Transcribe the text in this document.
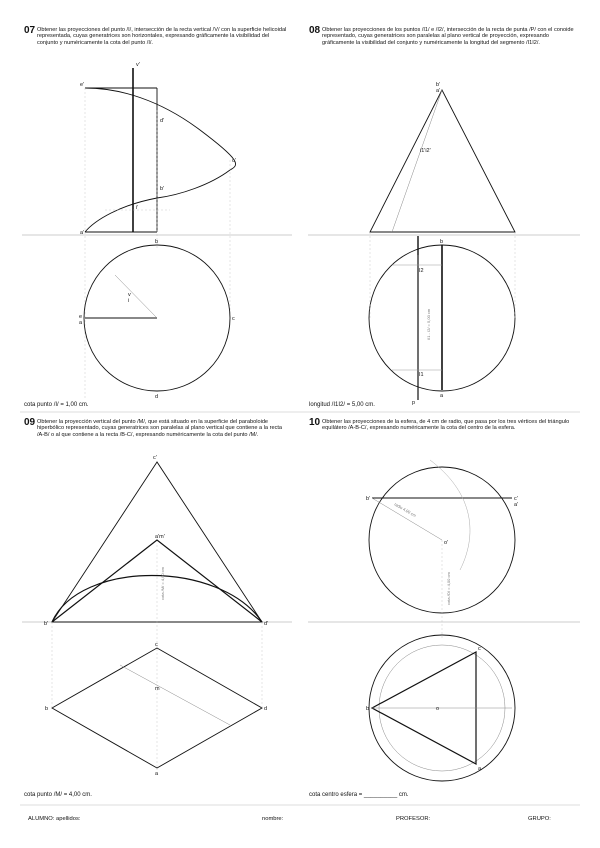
07 Obtener las proyecciones del punto /I/, intersección de la recta vertical /V/ con la superficie helicoidal representada, cuyas generatrices son horizontales, expresando gráficamente la visibilidad del conjunto y numéricamente la cota del punto /I/.
08 Obtener las proyecciones de los puntos /I1/ e /I2/, intersección de la recta de punta /P/ con el conoide representado, cuyas generatrices son paralelas al plano vertical de proyección, expresando gráficamente la visibilidad del conjunto y numéricamente la longitud del segmento /I1I2/.
09 Obtener la proyección vertical del punto /M/, que está situado en la superficie del paraboloide hiperbólico representado, cuyas generatrices son paralelas al plano vertical que contiene a la recta /A-B/ o al que contiene a la recta /B-C/, expresando numéricamente la cota del punto /M/.
10 Obtener las proyecciones de la esfera, de 4 cm de radio, que pasa por los tres vértices del triángulo equilátero /A-B-C/, expresando numéricamente la cota del centro de la esfera.
cota punto /I/ = 1,00 cm.	longitud /I1I2/ = 5,00 cm.
cota punto /M/ = 4,00 cm.	cota centro esfera = __________ cm.
e'
v'
d'
c'
b'
i'
a'
b
a
e	c
d
v
i
b'
a'
i1'i2'
b
a
I2
I1
p
/I1 - I2/ = 5,00 cm
c'
a'm'
b'	d'
c
m
b	d
a
cota /M/ = 4,00 cm
b'	c'
o'
a'
radio 4,00 cm
cota /O/ = 4,00 cm
b
c
o
a
ALUMNO: apellidos:	nombre:	PROFESOR:	GRUPO:
